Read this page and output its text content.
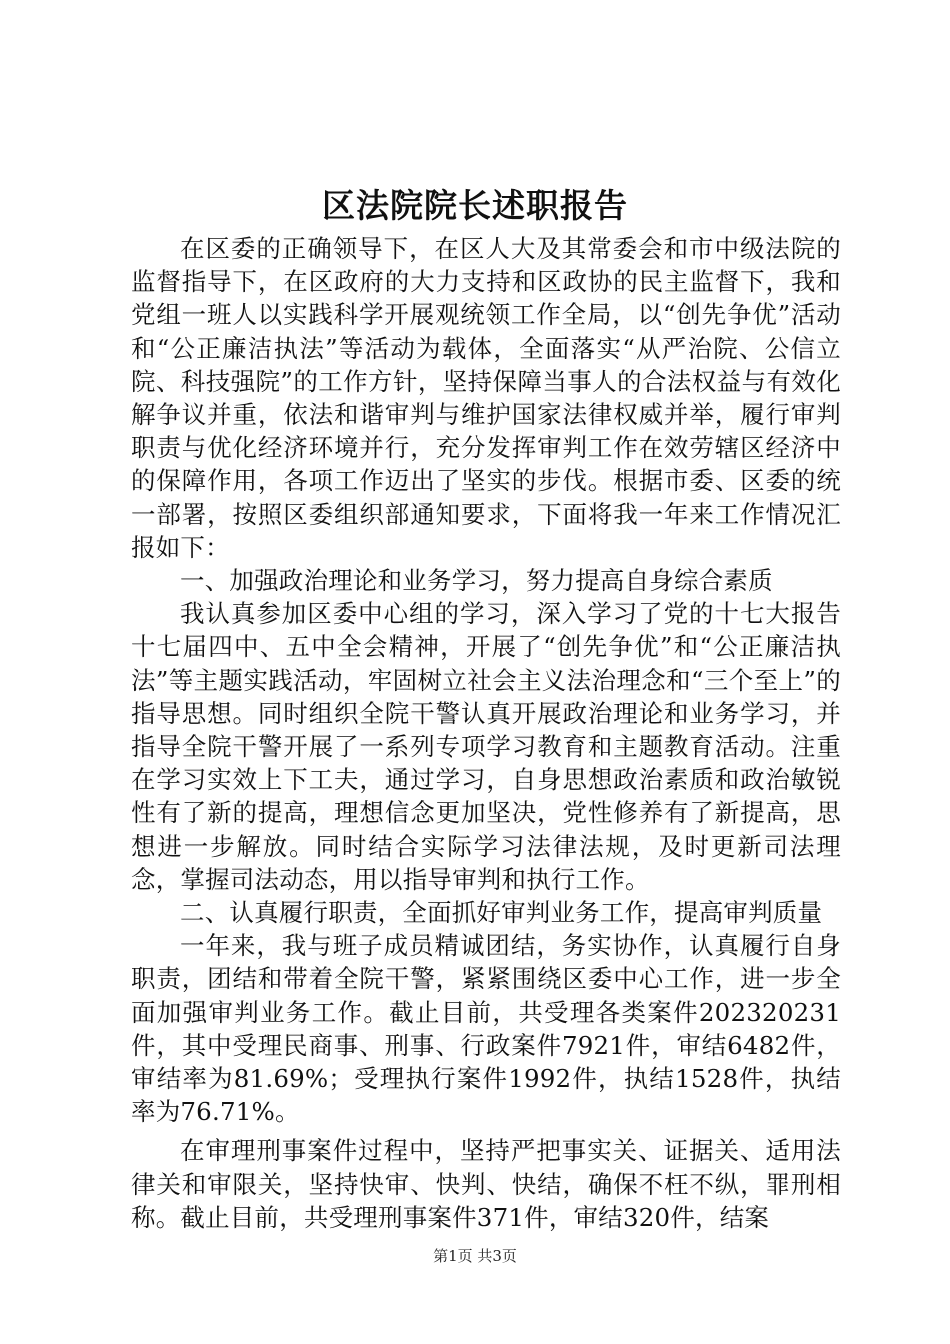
区法院院长述职报告

在区委的正确领导下，在区人大及其常委会和市中级法院的监督指导下，在区政府的大力支持和区政协的民主监督下，我和党组一班人以实践科学开展观统领工作全局，以“创先争优”活动和“公正廉洁执法”等活动为载体，全面落实“从严治院、公信立院、科技强院”的工作方针，坚持保障当事人的合法权益与有效化解争议并重，依法和谐审判与维护国家法律权威并举，履行审判职责与优化经济环境并行，充分发挥审判工作在效劳辖区经济中的保障作用，各项工作迈出了坚实的步伐。根据市委、区委的统一部署，按照区委组织部通知要求，下面将我一年来工作情况汇报如下：

一、加强政治理论和业务学习，努力提高自身综合素质

我认真参加区委中心组的学习，深入学习了党的十七大报告十七届四中、五中全会精神，开展了“创先争优”和“公正廉洁执法”等主题实践活动，牢固树立社会主义法治理念和“三个至上”的指导思想。同时组织全院干警认真开展政治理论和业务学习，并指导全院干警开展了一系列专项学习教育和主题教育活动。注重在学习实效上下工夫，通过学习，自身思想政治素质和政治敏锐性有了新的提高，理想信念更加坚决，党性修养有了新提高，思想进一步解放。同时结合实际学习法律法规，及时更新司法理念，掌握司法动态，用以指导审判和执行工作。

二、认真履行职责，全面抓好审判业务工作，提高审判质量

一年来，我与班子成员精诚团结，务实协作，认真履行自身职责，团结和带着全院干警，紧紧围绕区委中心工作，进一步全面加强审判业务工作。截止目前，共受理各类案件202320231件，其中受理民商事、刑事、行政案件7921件，审结6482件，审结率为81.69%；受理执行案件1992件，执结1528件，执结率为76.71%。

在审理刑事案件过程中，坚持严把事实关、证据关、适用法律关和审限关，坚持快审、快判、快结，确保不枉不纵，罪刑相称。截止目前，共受理刑事案件371件，审结320件，结案

第1页 共3页
